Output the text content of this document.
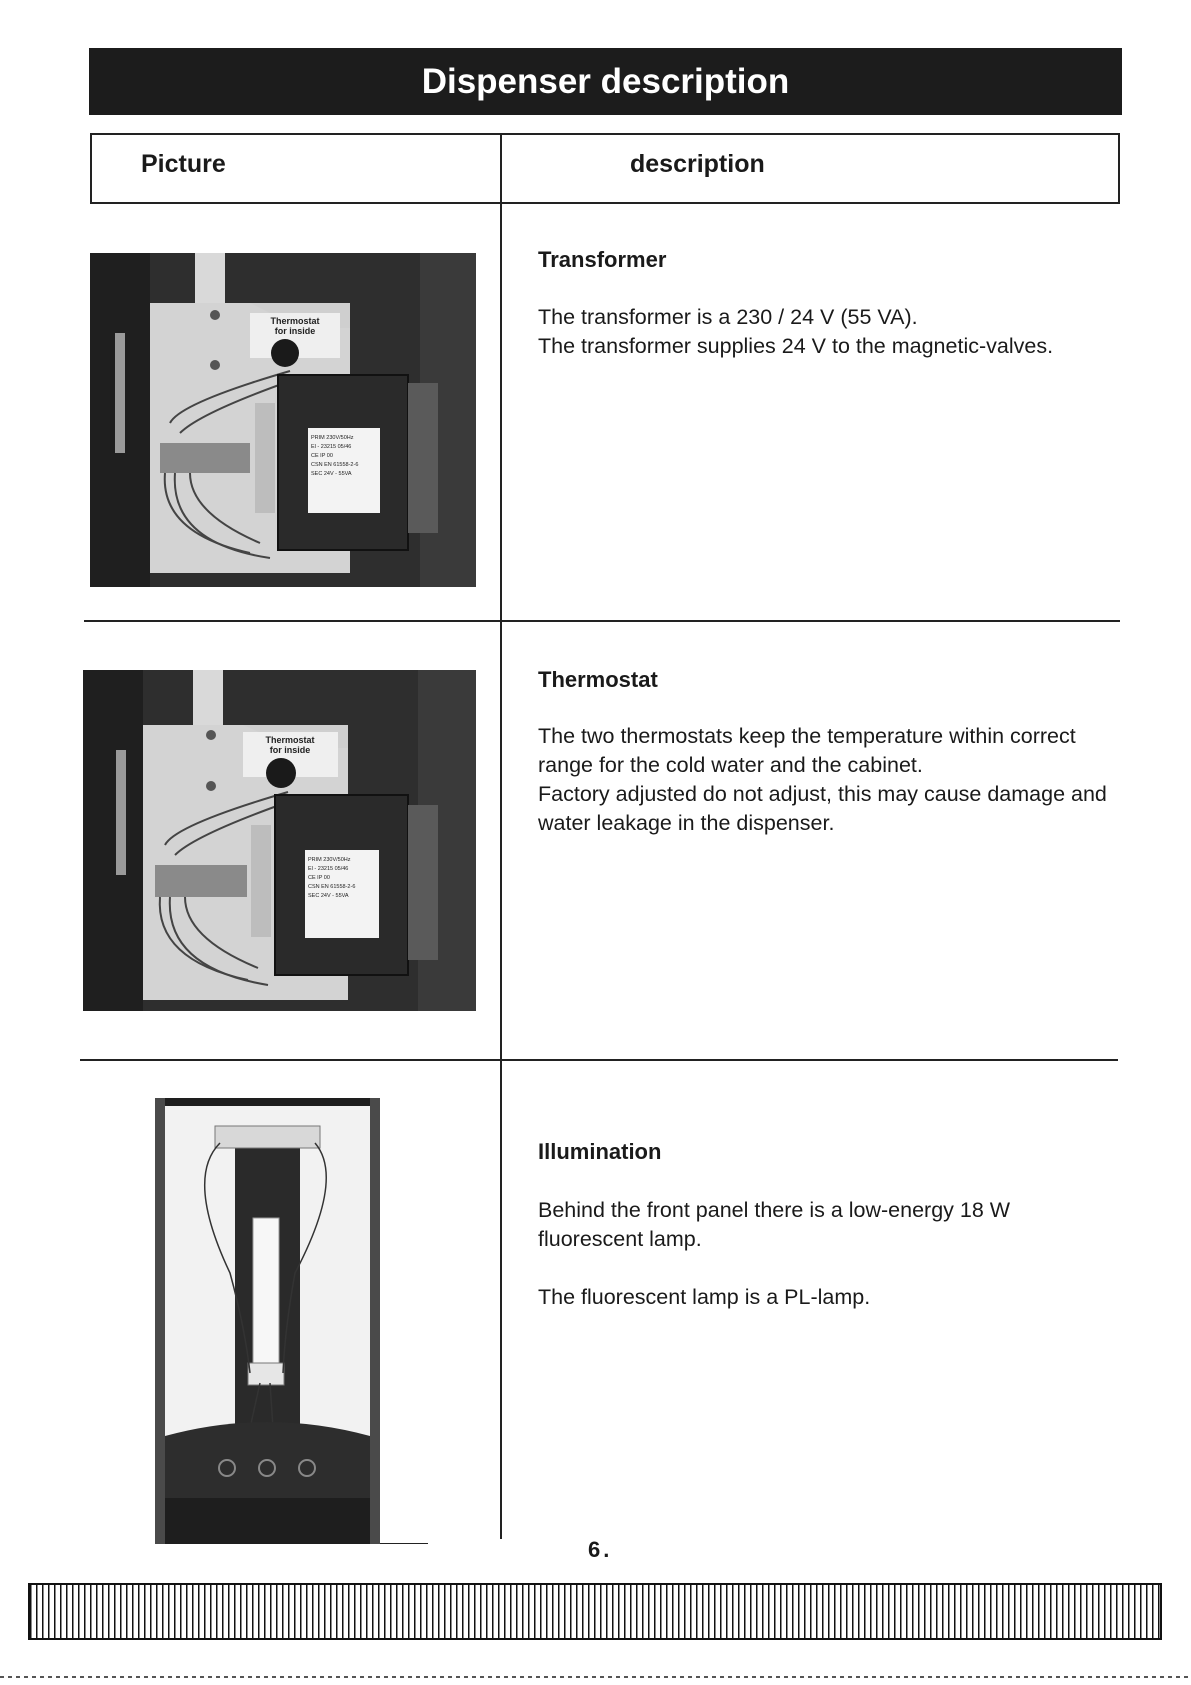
Dispenser description
Picture	description
Thermostat
for inside
PRIM 230V/50Hz
El - 23215 05/46
CE IP 00
CSN EN 61558-2-6
SEC 24V - 55VA
Transformer
The transformer is a 230 / 24 V (55 VA).
The transformer supplies 24 V to the magnetic-valves.
Thermostat
for inside
PRIM 230V/50Hz
El - 23215 05/46
CE IP 00
CSN EN 61558-2-6
SEC 24V - 55VA
Thermostat
The two thermostats keep the temperature within correct range for the cold water and the cabinet.
Factory adjusted do not adjust, this may cause damage and water leakage in the dispenser.
Illumination
Behind the front panel there is a low-energy 18 W fluorescent lamp.

The fluorescent lamp is a PL-lamp.
6.
